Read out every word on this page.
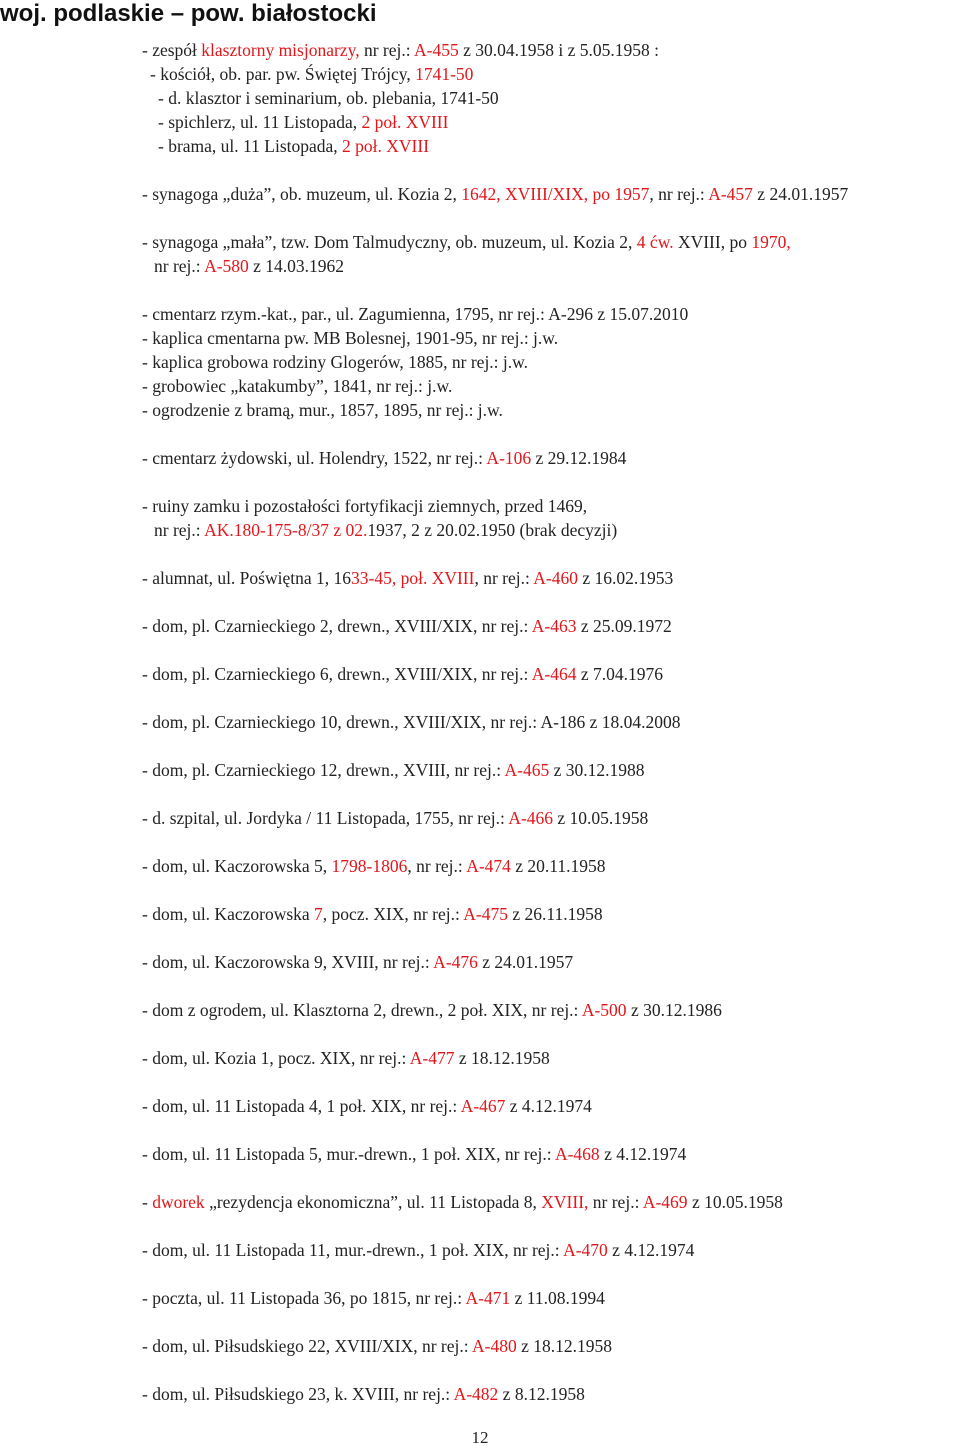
woj. podlaskie – pow. białostocki
- zespół klasztorny misjonarzy, nr rej.: A-455 z 30.04.1958 i z 5.05.1958 :
- kościół, ob. par. pw. Świętej Trójcy, 1741-50
- d. klasztor i seminarium, ob. plebania, 1741-50
- spichlerz, ul. 11 Listopada, 2 poł. XVIII
- brama, ul. 11 Listopada, 2 poł. XVIII
- synagoga „duża”, ob. muzeum, ul. Kozia 2, 1642, XVIII/XIX, po 1957, nr rej.: A-457 z 24.01.1957
- synagoga „mała”, tzw. Dom Talmudyczny, ob. muzeum, ul. Kozia 2, 4 ćw. XVIII, po 1970,
nr rej.: A-580 z 14.03.1962
- cmentarz rzym.-kat., par., ul. Zagumienna, 1795, nr rej.: A-296 z 15.07.2010
- kaplica cmentarna pw. MB Bolesnej, 1901-95, nr rej.: j.w.
- kaplica grobowa rodziny Glogerów, 1885, nr rej.: j.w.
- grobowiec „katakumby”, 1841, nr rej.: j.w.
- ogrodzenie z bramą, mur., 1857, 1895, nr rej.: j.w.
- cmentarz żydowski, ul. Holendry, 1522, nr rej.: A-106 z 29.12.1984
- ruiny zamku i pozostałości fortyfikacji ziemnych, przed 1469,
nr rej.: AK.180-175-8/37 z 02.1937, 2 z 20.02.1950 (brak decyzji)
- alumnat, ul. Poświętna 1, 1633-45, poł. XVIII, nr rej.: A-460 z 16.02.1953
- dom, pl. Czarnieckiego 2, drewn., XVIII/XIX, nr rej.: A-463 z 25.09.1972
- dom, pl. Czarnieckiego 6, drewn., XVIII/XIX, nr rej.: A-464 z 7.04.1976
- dom, pl. Czarnieckiego 10, drewn., XVIII/XIX, nr rej.: A-186 z 18.04.2008
- dom, pl. Czarnieckiego 12, drewn., XVIII, nr rej.: A-465 z 30.12.1988
- d. szpital, ul. Jordyka / 11 Listopada, 1755, nr rej.: A-466 z 10.05.1958
- dom, ul. Kaczorowska 5, 1798-1806, nr rej.: A-474 z 20.11.1958
- dom, ul. Kaczorowska 7, pocz. XIX, nr rej.: A-475 z 26.11.1958
- dom, ul. Kaczorowska 9, XVIII, nr rej.: A-476 z 24.01.1957
- dom z ogrodem, ul. Klasztorna 2, drewn., 2 poł. XIX, nr rej.: A-500 z 30.12.1986
- dom, ul. Kozia 1, pocz. XIX, nr rej.: A-477 z 18.12.1958
- dom, ul. 11 Listopada 4, 1 poł. XIX, nr rej.: A-467 z 4.12.1974
- dom, ul. 11 Listopada 5, mur.-drewn., 1 poł. XIX, nr rej.: A-468 z 4.12.1974
- dworek „rezydencja ekonomiczna”, ul. 11 Listopada 8, XVIII, nr rej.: A-469 z 10.05.1958
- dom, ul. 11 Listopada 11, mur.-drewn., 1 poł. XIX, nr rej.: A-470 z 4.12.1974
- poczta, ul. 11 Listopada 36, po 1815, nr rej.: A-471 z 11.08.1994
- dom, ul. Piłsudskiego 22, XVIII/XIX, nr rej.: A-480 z 18.12.1958
- dom, ul. Piłsudskiego 23, k. XVIII, nr rej.: A-482 z 8.12.1958
12
